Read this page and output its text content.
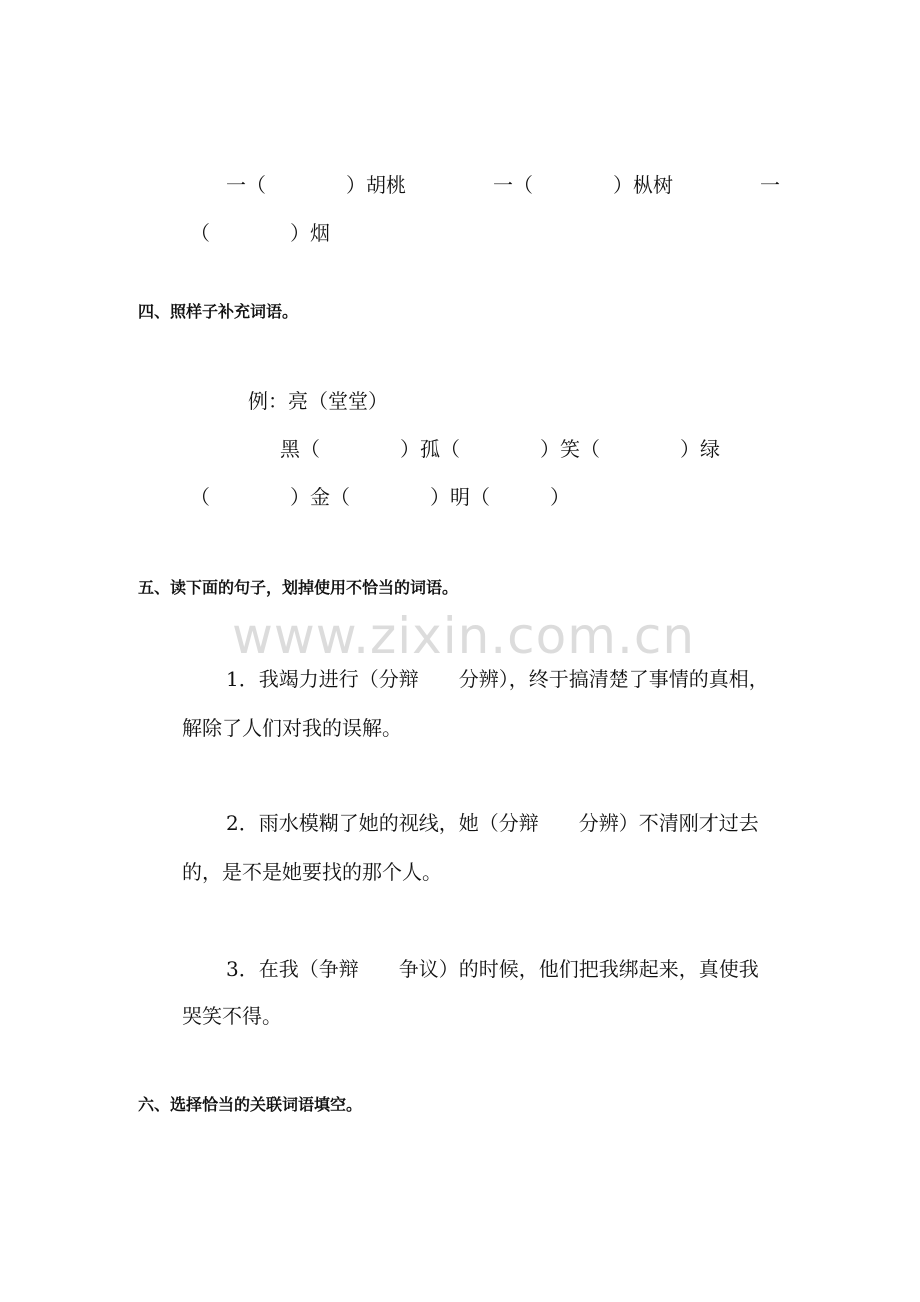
一（　　　　）胡桃	一（　　　　）枞树	一
（　　　　）烟
四、照样子补充词语。
例：亮（堂堂）
黑（　　　　）孤（　　　　）笑（　　　　）绿
（　　　　）金（　　　　）明（　　　）
五、读下面的句子，划掉使用不恰当的词语。
www.zixin.com.cn
1．我竭力进行（分辩　　分辨），终于搞清楚了事情的真相，
解除了人们对我的误解。
2．雨水模糊了她的视线，她（分辩　　分辨）不清刚才过去
的，是不是她要找的那个人。
3．在我（争辩　　争议）的时候，他们把我绑起来，真使我
哭笑不得。
六、选择恰当的关联词语填空。
